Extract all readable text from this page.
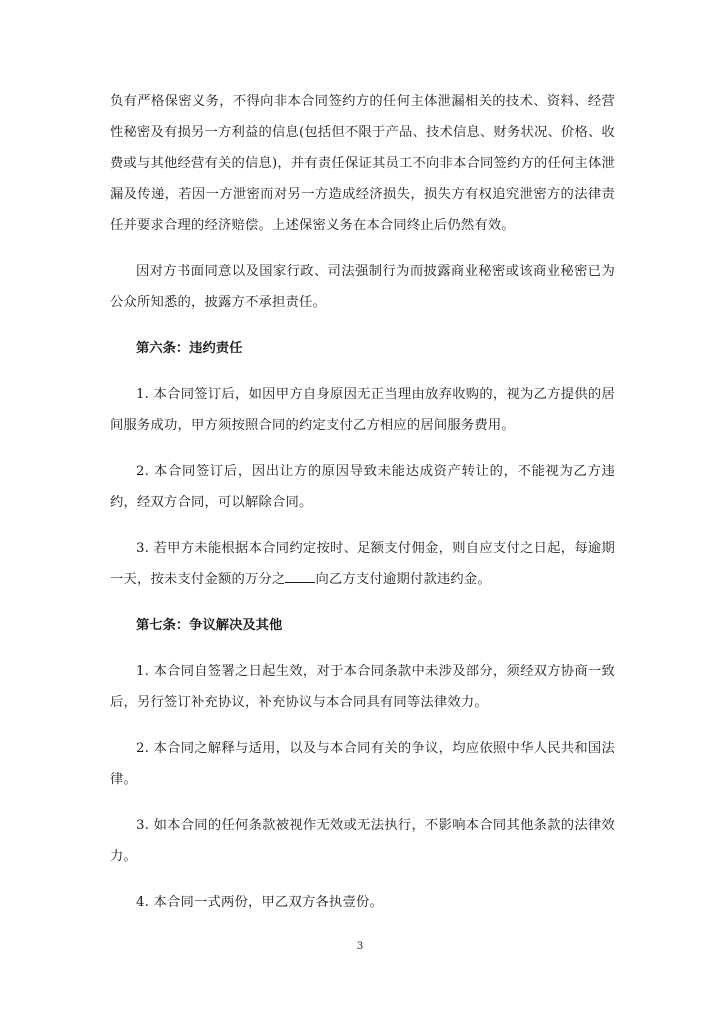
负有严格保密义务，不得向非本合同签约方的任何主体泄漏相关的技术、资料、经营性秘密及有损另一方利益的信息(包括但不限于产品、技术信息、财务状况、价格、收费或与其他经营有关的信息)，并有责任保证其员工不向非本合同签约方的任何主体泄漏及传递，若因一方泄密而对另一方造成经济损失，损失方有权追究泄密方的法律责任并要求合理的经济赔偿。上述保密义务在本合同终止后仍然有效。

因对方书面同意以及国家行政、司法强制行为而披露商业秘密或该商业秘密已为公众所知悉的，披露方不承担责任。

第六条：违约责任

1. 本合同签订后，如因甲方自身原因无正当理由放弃收购的，视为乙方提供的居间服务成功，甲方须按照合同的约定支付乙方相应的居间服务费用。

2. 本合同签订后，因出让方的原因导致未能达成资产转让的，不能视为乙方违约，经双方合同，可以解除合同。

3. 若甲方未能根据本合同约定按时、足额支付佣金，则自应支付之日起，每逾期一天，按未支付金额的万分之 向乙方支付逾期付款违约金。

第七条：争议解决及其他

1. 本合同自签署之日起生效，对于本合同条款中未涉及部分，须经双方协商一致后，另行签订补充协议，补充协议与本合同具有同等法律效力。

2. 本合同之解释与适用，以及与本合同有关的争议，均应依照中华人民共和国法律。

3. 如本合同的任何条款被视作无效或无法执行，不影响本合同其他条款的法律效力。

4. 本合同一式两份，甲乙双方各执壹份。

3
